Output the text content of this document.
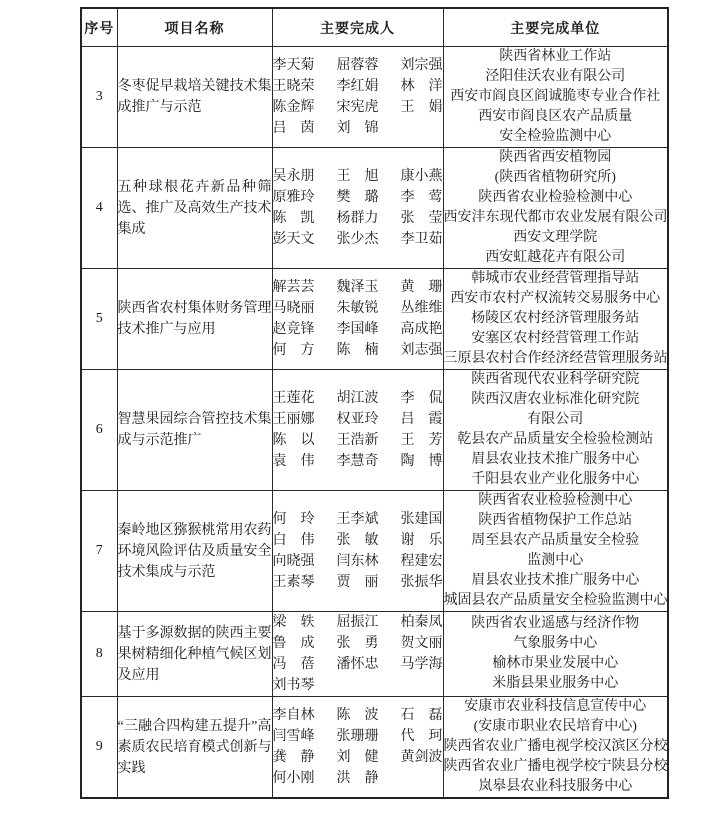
序号	项目名称	主要完成人	主要完成单位
3	
冬枣促早栽培关键技术集成推广与示范

李天菊 屈蓉蓉 刘宗强
王晓荣 李红娟 林洋
陈金辉 宋宪虎 王娟
吕茵 刘锦

陕西省林业工作站
泾阳佳沃农业有限公司
西安市阎良区阎诚脆枣专业合作社
西安市阎良区农产品质量
安全检验监测中心

4	
五种球根花卉新品种筛选、推广及高效生产技术集成

吴永朋 王旭 康小燕
原雅玲 樊璐 李莺
陈凯 杨群力 张莹
彭天文 张少杰 李卫茹

陕西省西安植物园
(陕西省植物研究所)
陕西省农业检验检测中心
西安沣东现代都市农业发展有限公司
西安文理学院
西安虹越花卉有限公司

5	
陕西省农村集体财务管理技术推广与应用

解芸芸 魏泽玉 黄珊
马晓丽 朱敏锐 丛维维
赵竞锋 李国峰 高成艳
何方 陈楠 刘志强

韩城市农业经营管理指导站
西安市农村产权流转交易服务中心
杨陵区农村经济管理服务站
安塞区农村经营管理工作站
三原县农村合作经济经营管理服务站

6	
智慧果园综合管控技术集成与示范推广

王莲花 胡江波 李侃
王丽娜 权亚玲 吕霞
陈以 王浩新 王芳
袁伟 李慧奇 陶博

陕西省现代农业科学研究院
陕西汉唐农业标准化研究院
有限公司
乾县农产品质量安全检验检测站
眉县农业技术推广服务中心
千阳县农业产业化服务中心

7	
秦岭地区猕猴桃常用农药环境风险评估及质量安全技术集成与示范

何玲 王李斌 张建国
白伟 张敏 谢乐
向晓强 闫东林 程建宏
王素琴 贾丽 张振华

陕西省农业检验检测中心
陕西省植物保护工作总站
周至县农产品质量安全检验
监测中心
眉县农业技术推广服务中心
城固县农产品质量安全检验监测中心

8	
基于多源数据的陕西主要果树精细化种植气候区划及应用

梁轶 屈振江 柏秦凤
鲁成 张勇 贺文丽
冯蓓 潘怀忠 马学海
刘书琴

陕西省农业遥感与经济作物
气象服务中心
榆林市果业发展中心
米脂县果业服务中心

9	
“三融合四构建五提升”高素质农民培育模式创新与实践

李自林 陈波 石磊
闫雪峰 张珊珊 代珂
龚静 刘健 黄剑波
何小刚 洪静

安康市农业科技信息宣传中心
(安康市职业农民培育中心)
陕西省农业广播电视学校汉滨区分校
陕西省农业广播电视学校宁陕县分校
岚皋县农业科技服务中心
